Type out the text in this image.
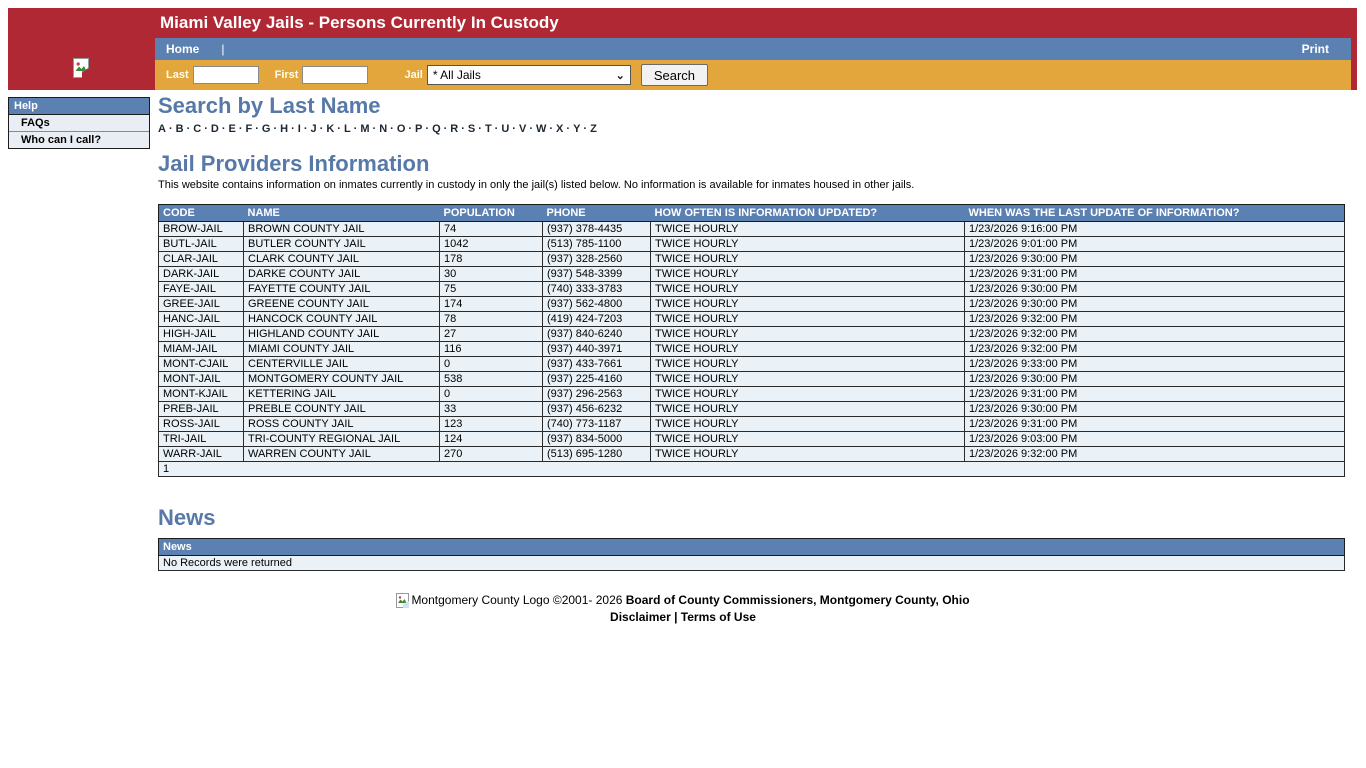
Miami Valley Jails - Persons Currently In Custody
Home |	Print
Last	First	Jail * All Jails	⌄	Search
Help
FAQs
Who can I call?
Search by Last Name
A · B · C · D · E · F · G · H · I · J · K · L · M · N · O · P · Q · R · S · T · U · V · W · X · Y · Z
Jail Providers Information
This website contains information on inmates currently in custody in only the jail(s) listed below. No information is available for inmates housed in other jails.
CODE	NAME	POPULATION	PHONE	HOW OFTEN IS INFORMATION UPDATED?	WHEN WAS THE LAST UPDATE OF INFORMATION?
BROW-JAIL	BROWN COUNTY JAIL	74	(937) 378-4435	TWICE HOURLY	1/23/2026 9:16:00 PM
BUTL-JAIL	BUTLER COUNTY JAIL	1042	(513) 785-1100	TWICE HOURLY	1/23/2026 9:01:00 PM
CLAR-JAIL	CLARK COUNTY JAIL	178	(937) 328-2560	TWICE HOURLY	1/23/2026 9:30:00 PM
DARK-JAIL	DARKE COUNTY JAIL	30	(937) 548-3399	TWICE HOURLY	1/23/2026 9:31:00 PM
FAYE-JAIL	FAYETTE COUNTY JAIL	75	(740) 333-3783	TWICE HOURLY	1/23/2026 9:30:00 PM
GREE-JAIL	GREENE COUNTY JAIL	174	(937) 562-4800	TWICE HOURLY	1/23/2026 9:30:00 PM
HANC-JAIL	HANCOCK COUNTY JAIL	78	(419) 424-7203	TWICE HOURLY	1/23/2026 9:32:00 PM
HIGH-JAIL	HIGHLAND COUNTY JAIL	27	(937) 840-6240	TWICE HOURLY	1/23/2026 9:32:00 PM
MIAM-JAIL	MIAMI COUNTY JAIL	116	(937) 440-3971	TWICE HOURLY	1/23/2026 9:32:00 PM
MONT-CJAIL	CENTERVILLE JAIL	0	(937) 433-7661	TWICE HOURLY	1/23/2026 9:33:00 PM
MONT-JAIL	MONTGOMERY COUNTY JAIL	538	(937) 225-4160	TWICE HOURLY	1/23/2026 9:30:00 PM
MONT-KJAIL	KETTERING JAIL	0	(937) 296-2563	TWICE HOURLY	1/23/2026 9:31:00 PM
PREB-JAIL	PREBLE COUNTY JAIL	33	(937) 456-6232	TWICE HOURLY	1/23/2026 9:30:00 PM
ROSS-JAIL	ROSS COUNTY JAIL	123	(740) 773-1187	TWICE HOURLY	1/23/2026 9:31:00 PM
TRI-JAIL	TRI-COUNTY REGIONAL JAIL	124	(937) 834-5000	TWICE HOURLY	1/23/2026 9:03:00 PM
WARR-JAIL	WARREN COUNTY JAIL	270	(513) 695-1280	TWICE HOURLY	1/23/2026 9:32:00 PM
1					
News
News
No Records were returned
Montgomery County Logo ©2001- 2026 Board of County Commissioners, Montgomery County, Ohio
Disclaimer | Terms of Use
